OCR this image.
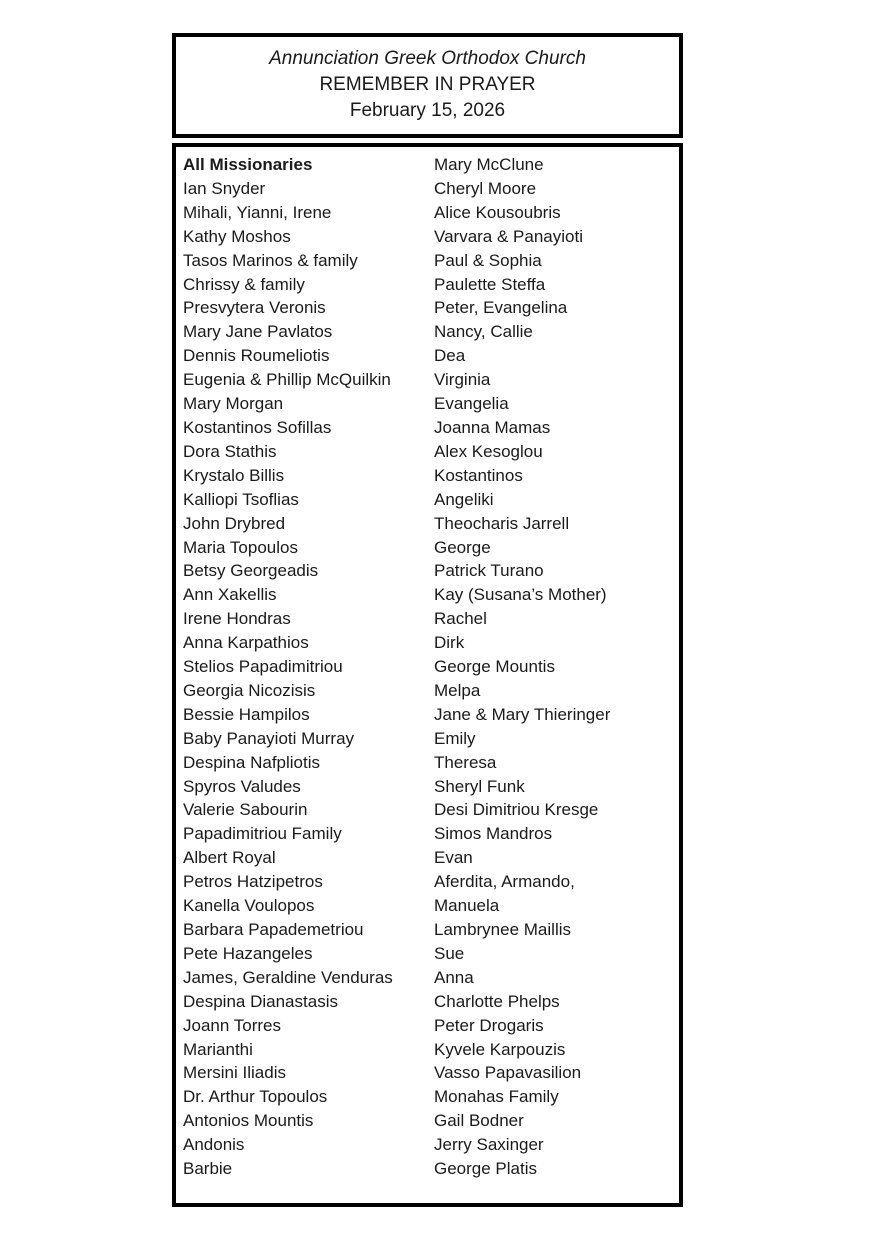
Annunciation Greek Orthodox Church
REMEMBER IN PRAYER
February 15, 2026
All Missionaries
Ian Snyder
Mihali, Yianni, Irene
Kathy Moshos
Tasos Marinos & family
Chrissy & family
Presvytera Veronis
Mary Jane Pavlatos
Dennis Roumeliotis
Eugenia & Phillip McQuilkin
Mary Morgan
Kostantinos Sofillas
Dora Stathis
Krystalo Billis
Kalliopi Tsoflias
John Drybred
Maria Topoulos
Betsy Georgeadis
Ann Xakellis
Irene Hondras
Anna Karpathios
Stelios Papadimitriou
Georgia Nicozisis
Bessie Hampilos
Baby Panayioti Murray
Despina Nafpliotis
Spyros Valudes
Valerie Sabourin
Papadimitriou Family
Albert Royal
Petros Hatzipetros
Kanella Voulopos
Barbara Papademetriou
Pete Hazangeles
James, Geraldine Venduras
Despina Dianastasis
Joann Torres
Marianthi
Mersini Iliadis
Dr. Arthur Topoulos
Antonios Mountis
Andonis
Barbie
Mary McClune
Cheryl Moore
Alice Kousoubris
Varvara & Panayioti
Paul & Sophia
Paulette Steffa
Peter, Evangelina
Nancy, Callie
Dea
Virginia
Evangelia
Joanna Mamas
Alex Kesoglou
Kostantinos
Angeliki
Theocharis Jarrell
George
Patrick Turano
Kay (Susana’s Mother)
Rachel
Dirk
George Mountis
Melpa
Jane & Mary Thieringer
Emily
Theresa
Sheryl Funk
Desi Dimitriou Kresge
Simos Mandros
Evan
Aferdita, Armando,
Manuela
Lambrynee Maillis
Sue
Anna
Charlotte Phelps
Peter Drogaris
Kyvele Karpouzis
Vasso Papavasilion
Monahas Family
Gail Bodner
Jerry Saxinger
George Platis
